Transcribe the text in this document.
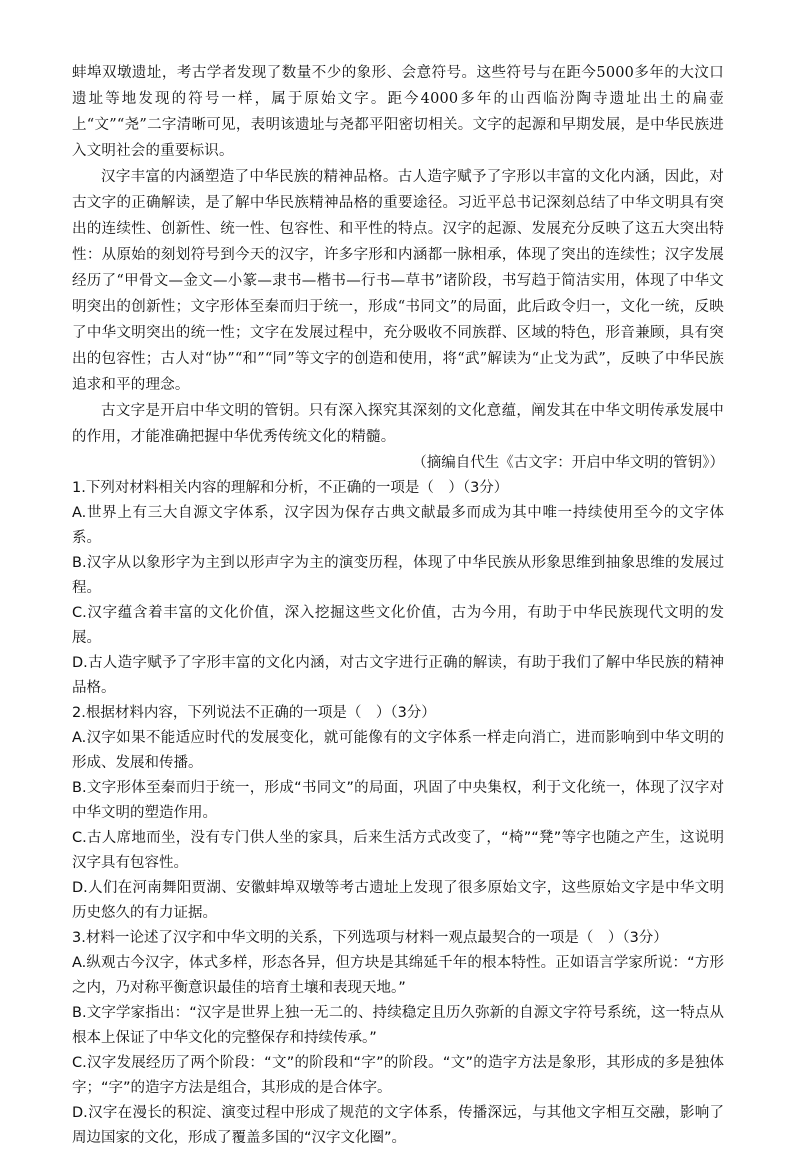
蚌埠双墩遗址，考古学者发现了数量不少的象形、会意符号。这些符号与在距今5000多年的大汶口遗址等地发现的符号一样，属于原始文字。距今4000多年的山西临汾陶寺遗址出土的扁壶上“文”“尧”二字清晰可见，表明该遗址与尧都平阳密切相关。文字的起源和早期发展，是中华民族进入文明社会的重要标识。

汉字丰富的内涵塑造了中华民族的精神品格。古人造字赋予了字形以丰富的文化内涵，因此，对古文字的正确解读，是了解中华民族精神品格的重要途径。习近平总书记深刻总结了中华文明具有突出的连续性、创新性、统一性、包容性、和平性的特点。汉字的起源、发展充分反映了这五大突出特性：从原始的刻划符号到今天的汉字，许多字形和内涵都一脉相承，体现了突出的连续性；汉字发展经历了“甲骨文—金文—小篆—隶书—楷书—行书—草书”诸阶段，书写趋于简洁实用，体现了中华文明突出的创新性；文字形体至秦而归于统一，形成“书同文”的局面，此后政令归一，文化一统，反映了中华文明突出的统一性；文字在发展过程中，充分吸收不同族群、区域的特色，形音兼顾，具有突出的包容性；古人对“协”“和”“同”等文字的创造和使用，将“武”解读为“止戈为武”，反映了中华民族追求和平的理念。

古文字是开启中华文明的管钥。只有深入探究其深刻的文化意蕴，阐发其在中华文明传承发展中的作用，才能准确把握中华优秀传统文化的精髓。

（摘编自代生《古文字：开启中华文明的管钥》）

1.下列对材料相关内容的理解和分析，不正确的一项是（　）（3分）

A.世界上有三大自源文字体系，汉字因为保存古典文献最多而成为其中唯一持续使用至今的文字体系。

B.汉字从以象形字为主到以形声字为主的演变历程，体现了中华民族从形象思维到抽象思维的发展过程。

C.汉字蕴含着丰富的文化价值，深入挖掘这些文化价值，古为今用，有助于中华民族现代文明的发展。

D.古人造字赋予了字形丰富的文化内涵，对古文字进行正确的解读，有助于我们了解中华民族的精神品格。

2.根据材料内容，下列说法不正确的一项是（　）（3分）

A.汉字如果不能适应时代的发展变化，就可能像有的文字体系一样走向消亡，进而影响到中华文明的形成、发展和传播。

B.文字形体至秦而归于统一，形成“书同文”的局面，巩固了中央集权，利于文化统一，体现了汉字对中华文明的塑造作用。

C.古人席地而坐，没有专门供人坐的家具，后来生活方式改变了，“椅”“凳”等字也随之产生，这说明汉字具有包容性。

D.人们在河南舞阳贾湖、安徽蚌埠双墩等考古遗址上发现了很多原始文字，这些原始文字是中华文明历史悠久的有力证据。

3.材料一论述了汉字和中华文明的关系，下列选项与材料一观点最契合的一项是（　）（3分）

A.纵观古今汉字，体式多样，形态各异，但方块是其绵延千年的根本特性。正如语言学家所说：“方形之内，乃对称平衡意识最佳的培育土壤和表现天地。”

B.文字学家指出：“汉字是世界上独一无二的、持续稳定且历久弥新的自源文字符号系统，这一特点从根本上保证了中华文化的完整保存和持续传承。”

C.汉字发展经历了两个阶段：“文”的阶段和“字”的阶段。“文”的造字方法是象形，其形成的多是独体字；“字”的造字方法是组合，其形成的是合体字。

D.汉字在漫长的积淀、演变过程中形成了规范的文字体系，传播深远，与其他文字相互交融，影响了周边国家的文化，形成了覆盖多国的“汉字文化圈”。
